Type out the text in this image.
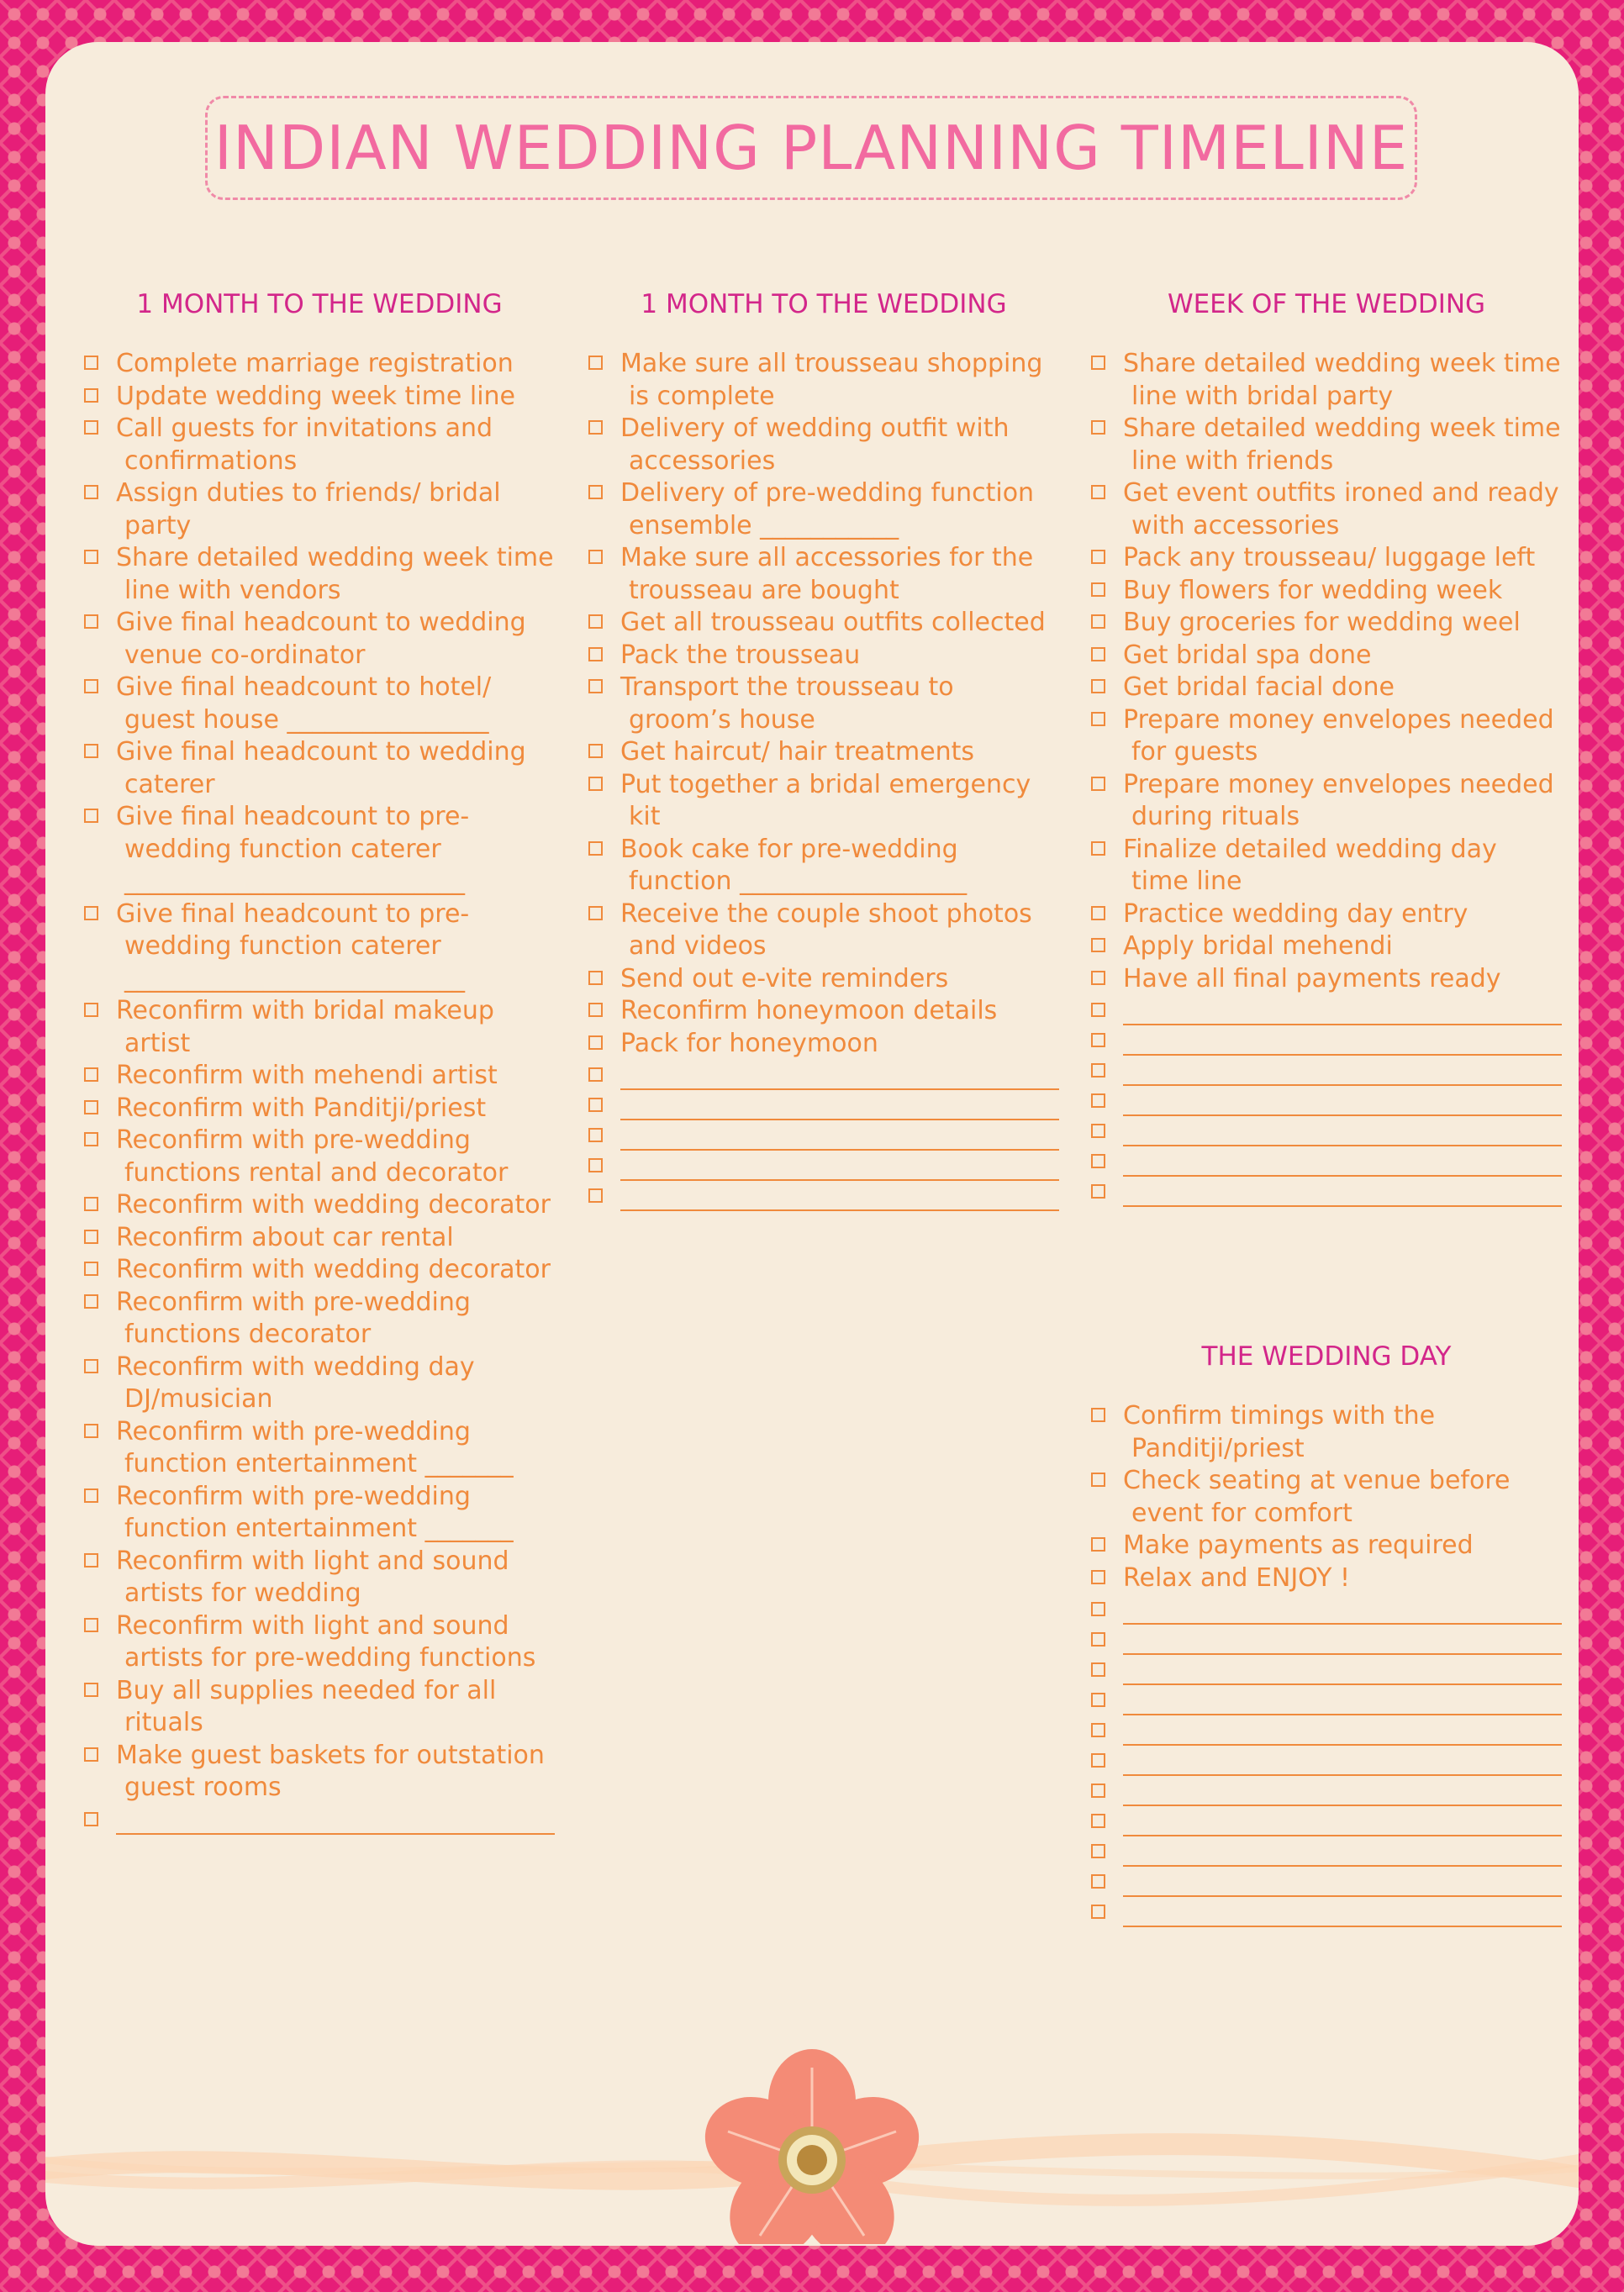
INDIAN WEDDING PLANNING TIMELINE
1 MONTH TO THE WEDDING
Complete marriage registration
Update wedding week time line
Call guests for invitations and confirmations
Assign duties to friends/ bridal party
Share detailed wedding week time line with vendors
Give final headcount to wedding venue co-ordinator
Give final headcount to hotel/ guest house ________________
Give final headcount to wedding caterer
Give final headcount to pre-wedding function caterer ___________________________
Give final headcount to pre-wedding function caterer ___________________________
Reconfirm with bridal makeup artist
Reconfirm with mehendi artist
Reconfirm with Panditji/priest
Reconfirm with pre-wedding functions rental and decorator
Reconfirm with wedding decorator
Reconfirm about car rental
Reconfirm with wedding decorator
Reconfirm with pre-wedding functions decorator
Reconfirm with wedding day DJ/musician
Reconfirm with pre-wedding function entertainment _______
Reconfirm with pre-wedding function entertainment _______
Reconfirm with light and sound artists for wedding
Reconfirm with light and sound artists for pre-wedding functions
Buy all supplies needed for all rituals
Make guest baskets for outstation guest rooms
1 MONTH TO THE WEDDING
Make sure all trousseau shopping is complete
Delivery of wedding outfit with accessories
Delivery of pre-wedding function ensemble ___________
Make sure all accessories for the trousseau are bought
Get all trousseau outfits collected
Pack the trousseau
Transport the trousseau to groom’s house
Get haircut/ hair treatments
Put together a bridal emergency kit
Book cake for pre-wedding function __________________
Receive the couple shoot photos and videos
Send out e-vite reminders
Reconfirm honeymoon details
Pack for honeymoon
WEEK OF THE WEDDING
Share detailed wedding week time line with bridal party
Share detailed wedding week time line with friends
Get event outfits ironed and ready with accessories
Pack any trousseau/ luggage left
Buy flowers for wedding week
Buy groceries for wedding weel
Get bridal spa done
Get bridal facial done
Prepare money envelopes needed for guests
Prepare money envelopes needed during rituals
Finalize detailed wedding day time line
Practice wedding day entry
Apply bridal mehendi
Have all final payments ready
THE WEDDING DAY
Confirm timings with the Panditji/priest
Check seating at venue before event for comfort
Make payments as required
Relax and ENJOY !
